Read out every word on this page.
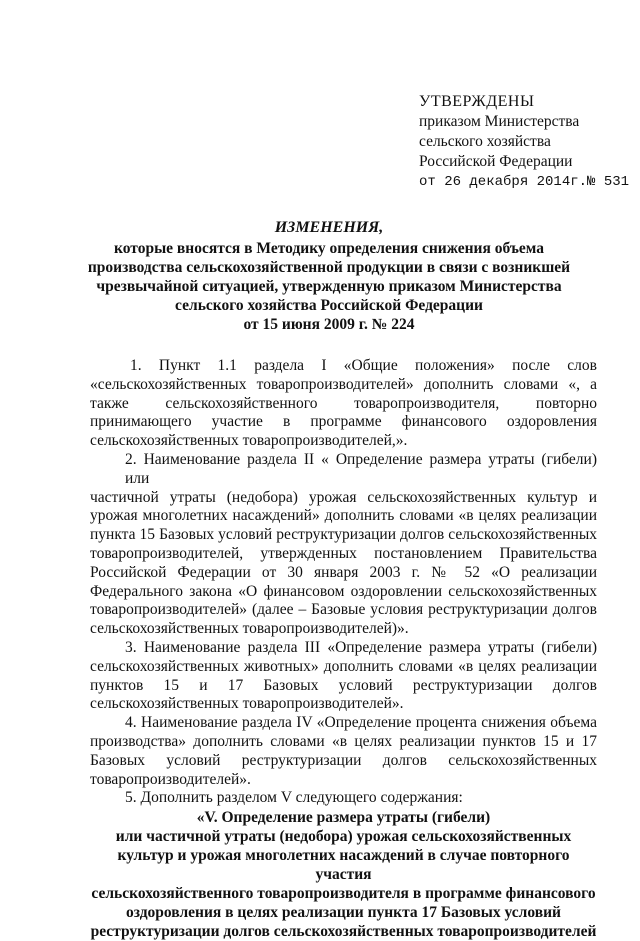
УТВЕРЖДЕНЫ
приказом Министерства
сельского хозяйства
Российской Федерации
от 26 декабря 2014г.№ 531
ИЗМЕНЕНИЯ,
которые вносятся в Методику определения снижения объема
производства сельскохозяйственной продукции в связи с возникшей
чрезвычайной ситуацией, утвержденную приказом Министерства
сельского хозяйства Российской Федерации
от 15 июня 2009 г. № 224
1. Пункт 1.1 раздела I «Общие положения» после слов
«сельскохозяйственных товаропроизводителей» дополнить словами «, а
также сельскохозяйственного товаропроизводителя, повторно
принимающего участие в программе финансового оздоровления
сельскохозяйственных товаропроизводителей,».
2. Наименование раздела II « Определение размера утраты (гибели) или
частичной утраты (недобора) урожая сельскохозяйственных культур и
урожая многолетних насаждений» дополнить словами «в целях реализации
пункта 15 Базовых условий реструктуризации долгов сельскохозяйственных
товаропроизводителей, утвержденных постановлением Правительства
Российской Федерации от 30 января 2003 г. № 52 «О реализации
Федерального закона «О финансовом оздоровлении сельскохозяйственных
товаропроизводителей» (далее – Базовые условия реструктуризации долгов
сельскохозяйственных товаропроизводителей)».
3. Наименование раздела III «Определение размера утраты (гибели)
сельскохозяйственных животных» дополнить словами «в целях реализации
пунктов 15 и 17 Базовых условий реструктуризации долгов
сельскохозяйственных товаропроизводителей».
4. Наименование раздела IV «Определение процента снижения объема
производства» дополнить словами «в целях реализации пунктов 15 и 17
Базовых условий реструктуризации долгов сельскохозяйственных
товаропроизводителей».
5. Дополнить разделом V следующего содержания:
«V. Определение размера утраты (гибели)
или частичной утраты (недобора) урожая сельскохозяйственных
культур и урожая многолетних насаждений в случае повторного участия
сельскохозяйственного товаропроизводителя в программе финансового
оздоровления в целях реализации пункта 17 Базовых условий
реструктуризации долгов сельскохозяйственных товаропроизводителей
